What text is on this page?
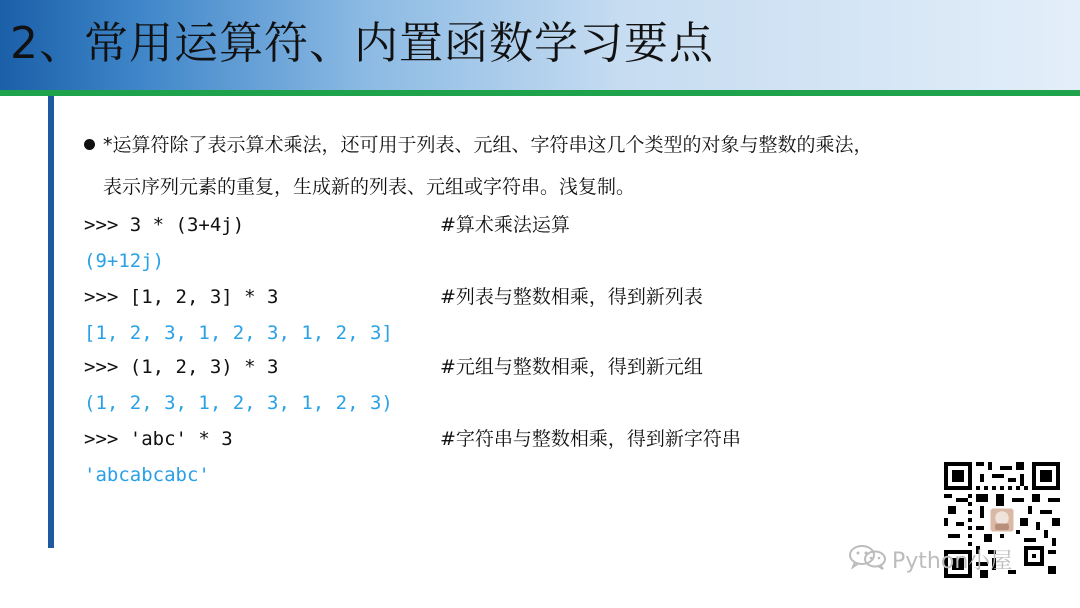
2、常用运算符、内置函数学习要点
*运算符除了表示算术乘法，还可用于列表、元组、字符串这几个类型的对象与整数的乘法，
表示序列元素的重复，生成新的列表、元组或字符串。浅复制。
>>> 3 * (3+4j)	#算术乘法运算
(9+12j)
>>> [1, 2, 3] * 3	#列表与整数相乘，得到新列表
[1, 2, 3, 1, 2, 3, 1, 2, 3]
>>> (1, 2, 3) * 3	#元组与整数相乘，得到新元组
(1, 2, 3, 1, 2, 3, 1, 2, 3)
>>> 'abc' * 3	#字符串与整数相乘，得到新字符串
'abcabcabc'
Python小屋
